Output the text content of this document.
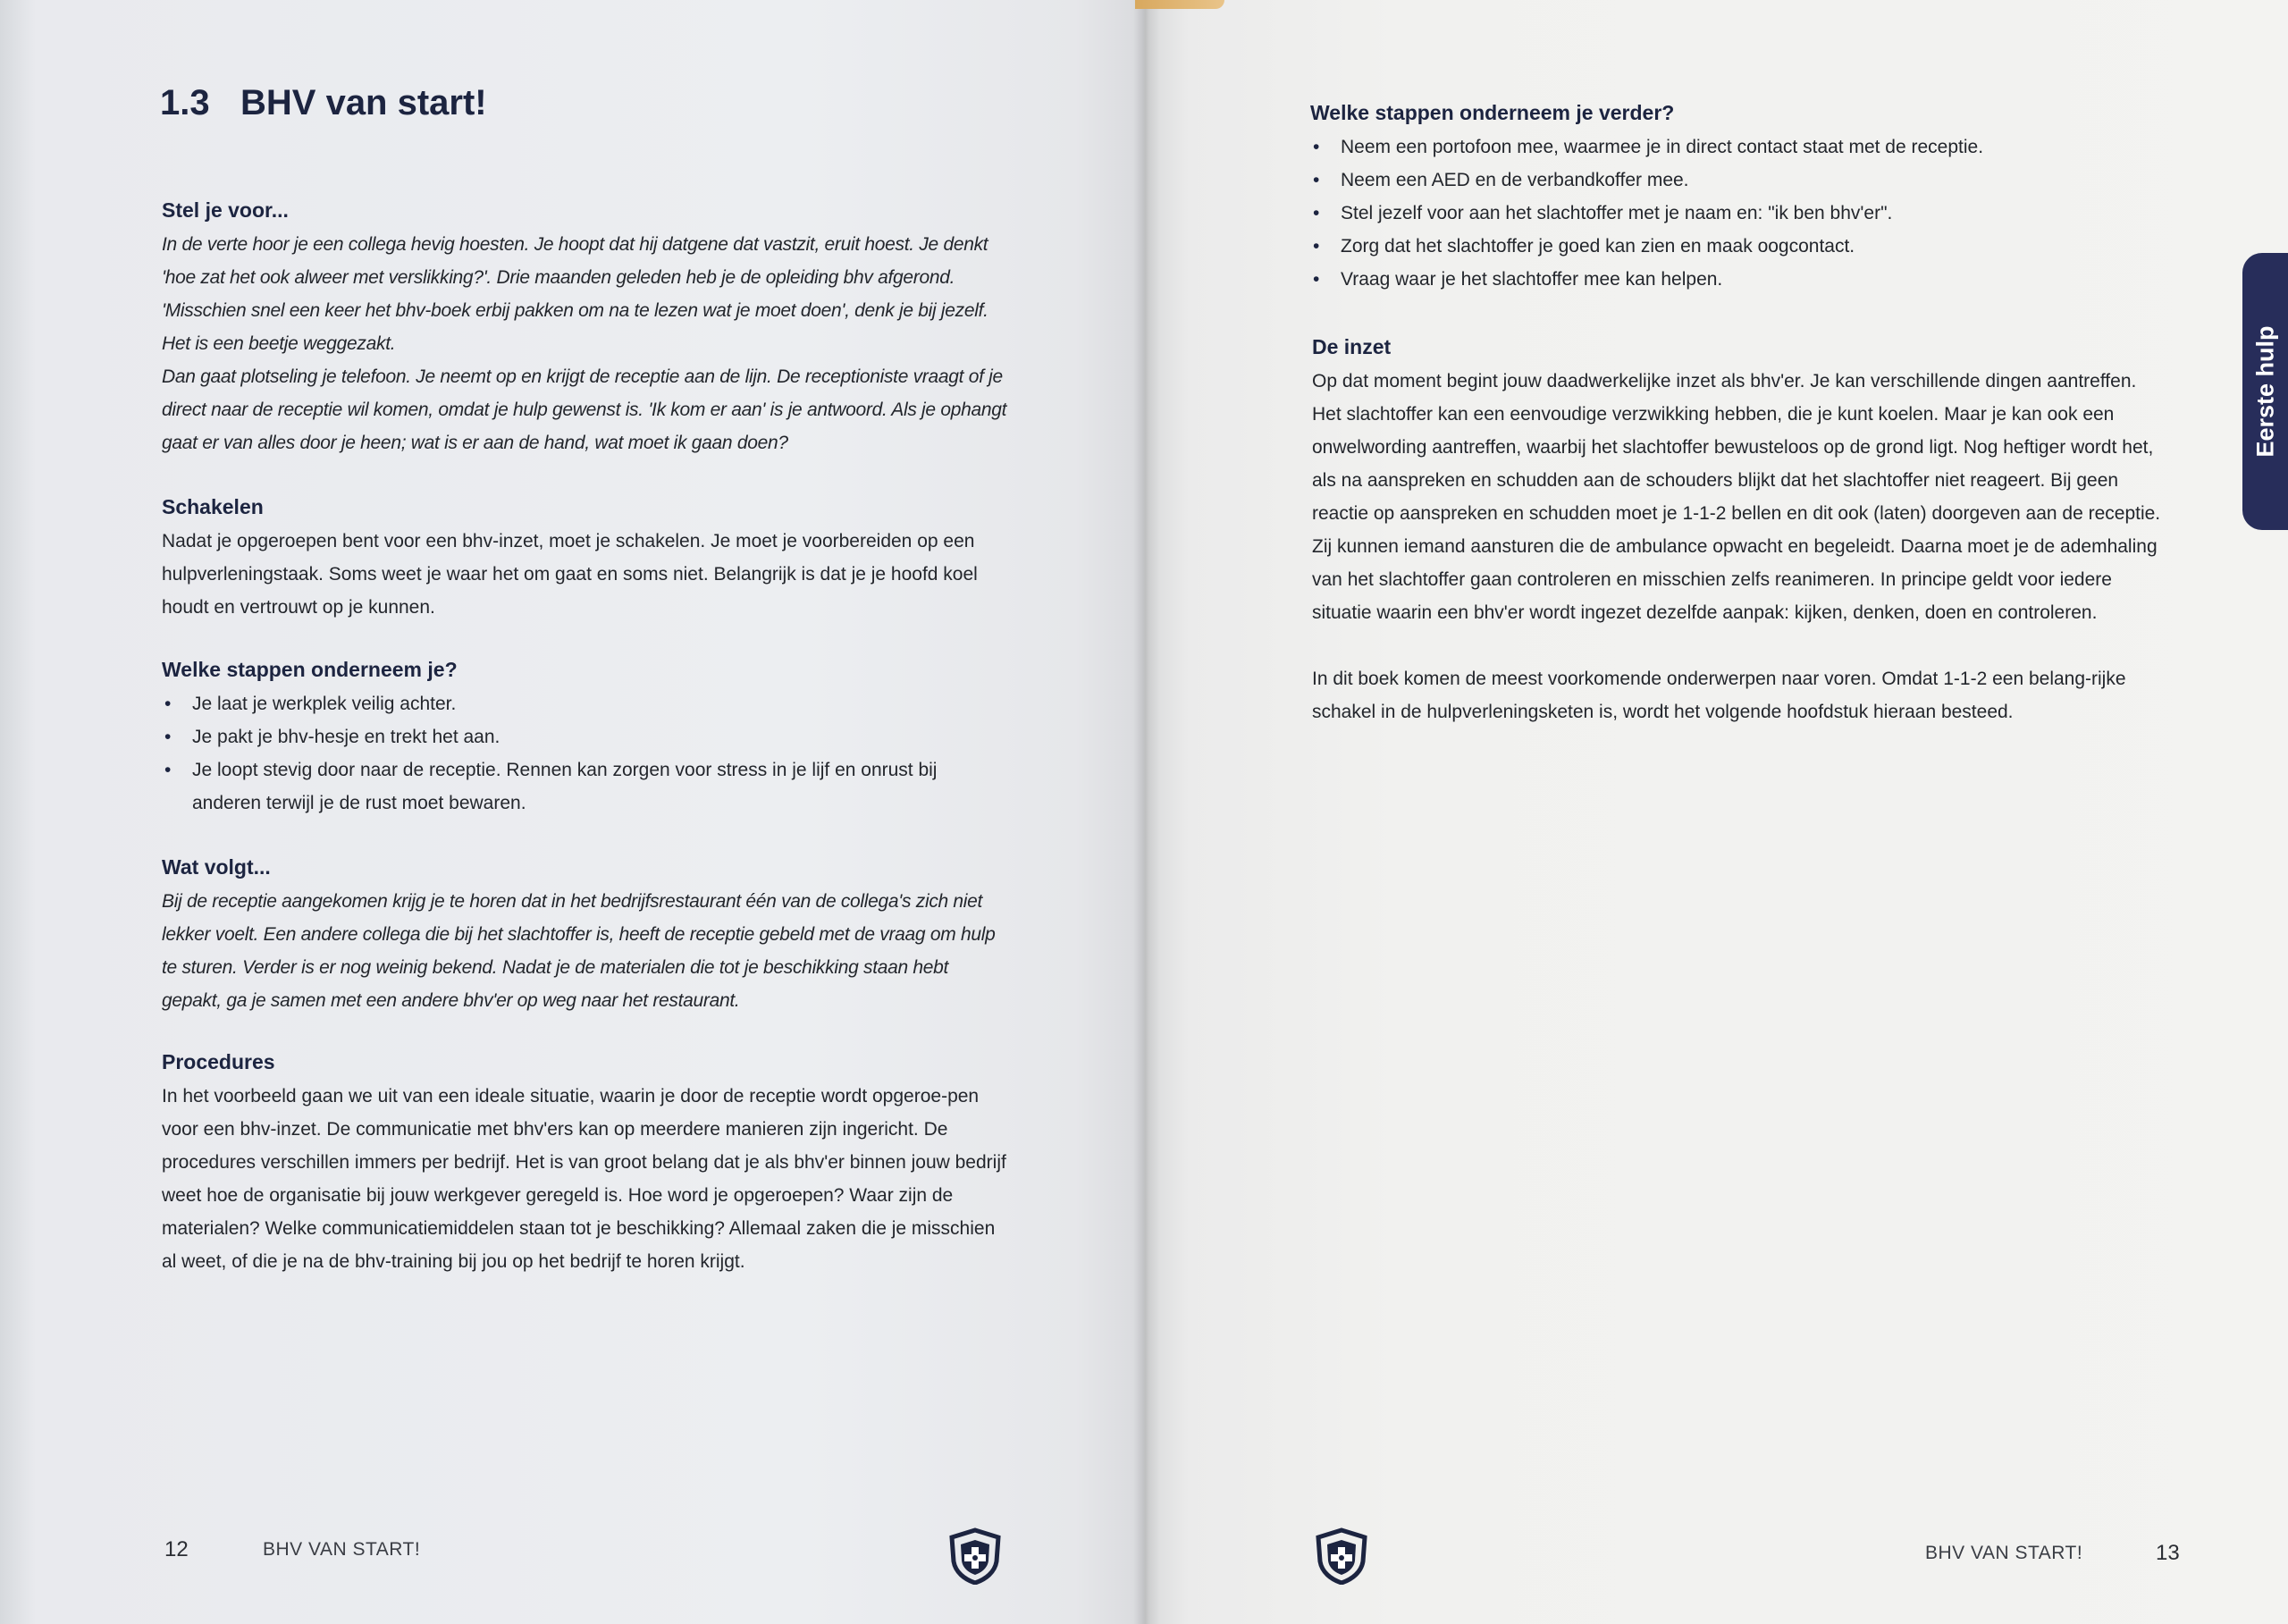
1.3 BHV van start!
Stel je voor...

In de verte hoor je een collega hevig hoesten. Je hoopt dat hij datgene dat vastzit, eruit hoest. Je denkt 'hoe zat het ook alweer met verslikking?'. Drie maanden geleden heb je de opleiding bhv afgerond. 'Misschien snel een keer het bhv-boek erbij pakken om na te lezen wat je moet doen', denk je bij jezelf. Het is een beetje weggezakt.

Dan gaat plotseling je telefoon. Je neemt op en krijgt de receptie aan de lijn. De receptioniste vraagt of je direct naar de receptie wil komen, omdat je hulp gewenst is. 'Ik kom er aan' is je antwoord. Als je ophangt gaat er van alles door je heen; wat is er aan de hand, wat moet ik gaan doen?

Schakelen

Nadat je opgeroepen bent voor een bhv-inzet, moet je schakelen. Je moet je voorbereiden op een hulpverleningstaak. Soms weet je waar het om gaat en soms niet. Belangrijk is dat je je hoofd koel houdt en vertrouwt op je kunnen.

Welke stappen onderneem je?
• Je laat je werkplek veilig achter.
• Je pakt je bhv-hesje en trekt het aan.
• Je loopt stevig door naar de receptie. Rennen kan zorgen voor stress in je lijf en onrust bij anderen terwijl je de rust moet bewaren.
Wat volgt...

Bij de receptie aangekomen krijg je te horen dat in het bedrijfsrestaurant één van de collega's zich niet lekker voelt. Een andere collega die bij het slachtoffer is, heeft de receptie gebeld met de vraag om hulp te sturen. Verder is er nog weinig bekend. Nadat je de materialen die tot je beschikking staan hebt gepakt, ga je samen met een andere bhv'er op weg naar het restaurant.

Procedures

In het voorbeeld gaan we uit van een ideale situatie, waarin je door de receptie wordt opgeroe-pen voor een bhv-inzet. De communicatie met bhv'ers kan op meerdere manieren zijn ingericht. De procedures verschillen immers per bedrijf. Het is van groot belang dat je als bhv'er binnen jouw bedrijf weet hoe de organisatie bij jouw werkgever geregeld is. Hoe word je opgeroepen? Waar zijn de materialen? Welke communicatiemiddelen staan tot je beschikking? Allemaal zaken die je misschien al weet, of die je na de bhv-training bij jou op het bedrijf te horen krijgt.

12	BHV VAN START!
Welke stappen onderneem je verder?
• Neem een portofoon mee, waarmee je in direct contact staat met de receptie.
• Neem een AED en de verbandkoffer mee.
• Stel jezelf voor aan het slachtoffer met je naam en: "ik ben bhv'er".
• Zorg dat het slachtoffer je goed kan zien en maak oogcontact.
• Vraag waar je het slachtoffer mee kan helpen.
De inzet

Op dat moment begint jouw daadwerkelijke inzet als bhv'er. Je kan verschillende dingen aantreffen. Het slachtoffer kan een eenvoudige verzwikking hebben, die je kunt koelen. Maar je kan ook een onwelwording aantreffen, waarbij het slachtoffer bewusteloos op de grond ligt. Nog heftiger wordt het, als na aanspreken en schudden aan de schouders blijkt dat het slachtoffer niet reageert. Bij geen reactie op aanspreken en schudden moet je 1-1-2 bellen en dit ook (laten) doorgeven aan de receptie. Zij kunnen iemand aansturen die de ambulance opwacht en begeleidt. Daarna moet je de ademhaling van het slachtoffer gaan controleren en misschien zelfs reanimeren. In principe geldt voor iedere situatie waarin een bhv'er wordt ingezet dezelfde aanpak: kijken, denken, doen en controleren.

In dit boek komen de meest voorkomende onderwerpen naar voren. Omdat 1-1-2 een belang-rijke schakel in de hulpverleningsketen is, wordt het volgende hoofdstuk hieraan besteed.

BHV VAN START!	13
Eerste hulp
